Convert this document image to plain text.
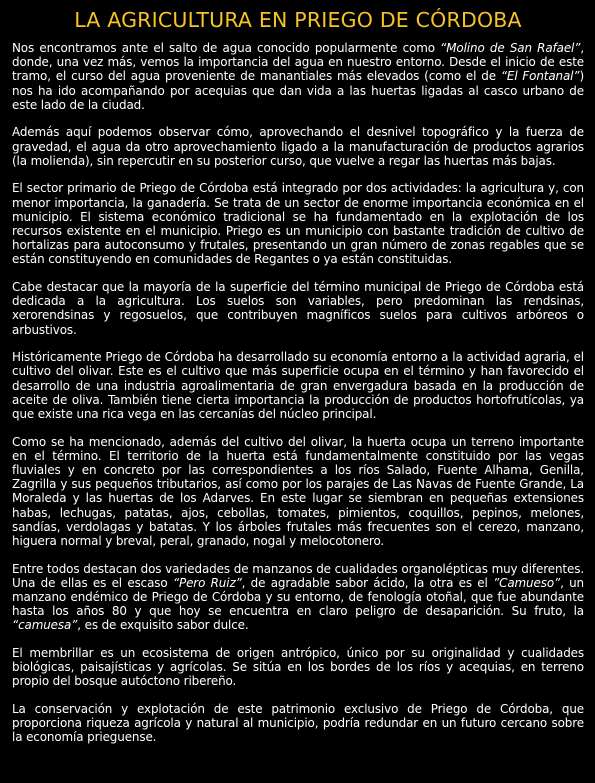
LA AGRICULTURA EN PRIEGO DE CÓRDOBA

Nos encontramos ante el salto de agua conocido popularmente como “Molino de San Rafael”, donde, una vez más, vemos la importancia del agua en nuestro entorno. Desde el inicio de este tramo, el curso del agua proveniente de manantiales más elevados (como el de “El Fontanal”) nos ha ido acompañando por acequias que dan vida a las huertas ligadas al casco urbano de este lado de la ciudad.

Además aquí podemos observar cómo, aprovechando el desnivel topográfico y la fuerza de gravedad, el agua da otro aprovechamiento ligado a la manufacturación de productos agrarios (la molienda), sin repercutir en su posterior curso, que vuelve a regar las huertas más bajas.

El sector primario de Priego de Córdoba está integrado por dos actividades: la agricultura y, con menor importancia, la ganadería. Se trata de un sector de enorme importancia económica en el municipio. El sistema económico tradicional se ha fundamentado en la explotación de los recursos existente en el municipio. Priego es un municipio con bastante tradición de cultivo de hortalizas para autoconsumo y frutales, presentando un gran número de zonas regables que se están constituyendo en comunidades de Regantes o ya están constituidas.

Cabe destacar que la mayoría de la superficie del término municipal de Priego de Córdoba está dedicada a la agricultura. Los suelos son variables, pero predominan las rendsinas, xerorendsinas y regosuelos, que contribuyen magníficos suelos para cultivos arbóreos o arbustivos.

Históricamente Priego de Córdoba ha desarrollado su economía entorno a la actividad agraria, el cultivo del olivar. Este es el cultivo que más superficie ocupa en el término y han favorecido el desarrollo de una industria agroalimentaria de gran envergadura basada en la producción de aceite de oliva. También tiene cierta importancia la producción de productos hortofrutícolas, ya que existe una rica vega en las cercanías del núcleo principal.

Como se ha mencionado, además del cultivo del olivar, la huerta ocupa un terreno importante en el término. El territorio de la huerta está fundamentalmente constituido por las vegas fluviales y en concreto por las correspondientes a los ríos Salado, Fuente Alhama, Genilla, Zagrilla y sus pequeños tributarios, así como por los parajes de Las Navas de Fuente Grande, La Moraleda y las huertas de los Adarves. En este lugar se siembran en pequeñas extensiones habas, lechugas, patatas, ajos, cebollas, tomates, pimientos, coquillos, pepinos, melones, sandías, verdolagas y batatas. Y los árboles frutales más frecuentes son el cerezo, manzano, higuera normal y breval, peral, granado, nogal y melocotonero.

Entre todos destacan dos variedades de manzanos de cualidades organolépticas muy diferentes. Una de ellas es el escaso “Pero Ruiz”, de agradable sabor ácido, la otra es el ”Camueso”, un manzano endémico de Priego de Córdoba y su entorno, de fenología otoñal, que fue abundante hasta los años 80 y que hoy se encuentra en claro peligro de desaparición. Su fruto, la “camuesa”, es de exquisito sabor dulce.

El membrillar es un ecosistema de origen antrópico, único por su originalidad y cualidades biológicas, paisajísticas y agrícolas. Se sitúa en los bordes de los ríos y acequias, en terreno propio del bosque autóctono ribereño.

La conservación y explotación de este patrimonio exclusivo de Priego de Córdoba, que proporciona riqueza agrícola y natural al municipio, podría redundar en un futuro cercano sobre la economía prieguense.
